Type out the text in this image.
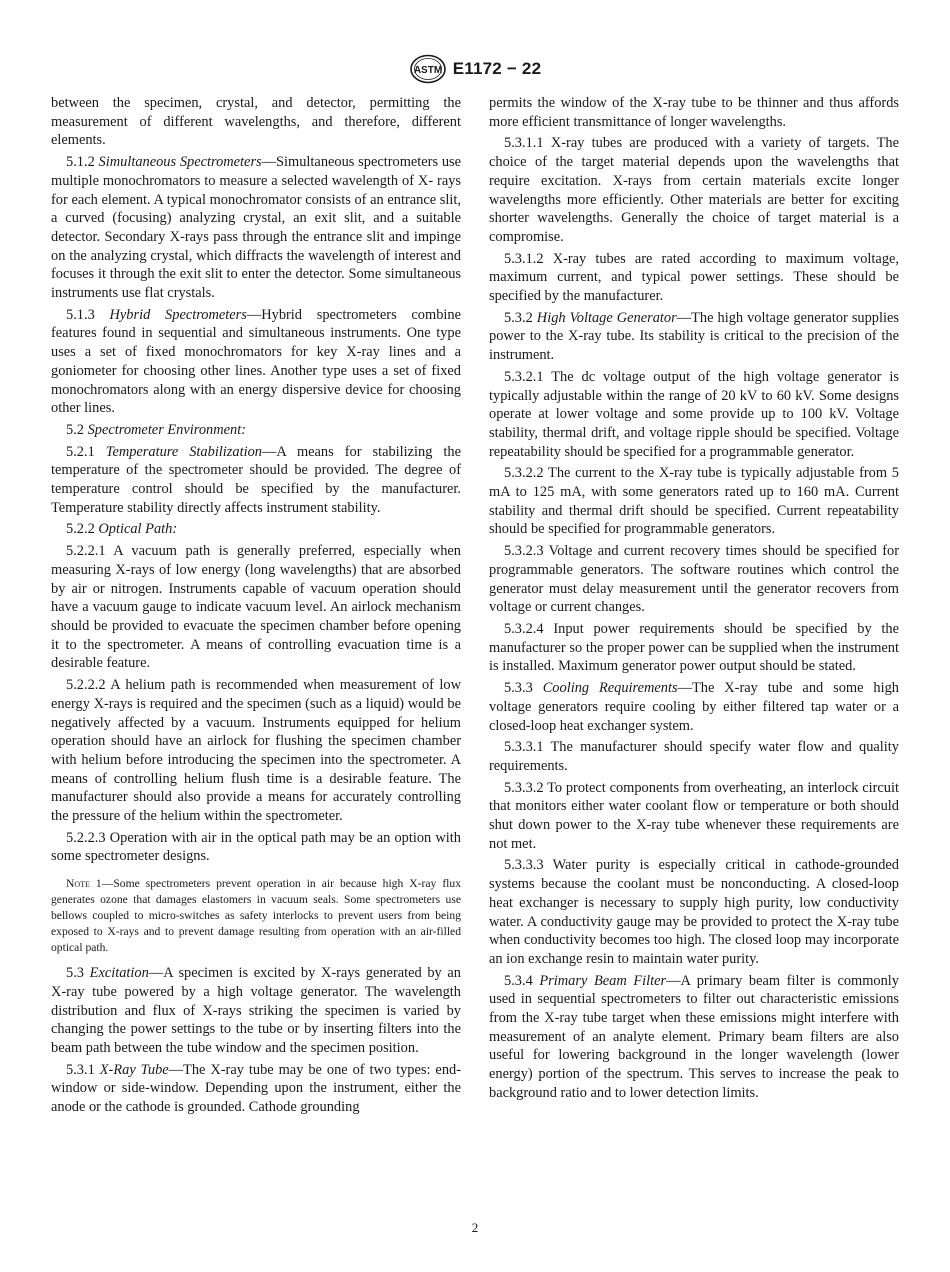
ASTM E1172 − 22

between the specimen, crystal, and detector, permitting the measurement of different wavelengths, and therefore, different elements.

5.1.2 Simultaneous Spectrometers—Simultaneous spectrometers use multiple monochromators to measure a selected wavelength of X- rays for each element. A typical monochromator consists of an entrance slit, a curved (focusing) analyzing crystal, an exit slit, and a suitable detector. Secondary X-rays pass through the entrance slit and impinge on the analyzing crystal, which diffracts the wavelength of interest and focuses it through the exit slit to enter the detector. Some simultaneous instruments use flat crystals.

5.1.3 Hybrid Spectrometers—Hybrid spectrometers combine features found in sequential and simultaneous instruments. One type uses a set of fixed monochromators for key X-ray lines and a goniometer for choosing other lines. Another type uses a set of fixed monochromators along with an energy dispersive device for choosing other lines.

5.2 Spectrometer Environment:

5.2.1 Temperature Stabilization—A means for stabilizing the temperature of the spectrometer should be provided. The degree of temperature control should be specified by the manufacturer. Temperature stability directly affects instrument stability.

5.2.2 Optical Path:

5.2.2.1 A vacuum path is generally preferred, especially when measuring X-rays of low energy (long wavelengths) that are absorbed by air or nitrogen. Instruments capable of vacuum operation should have a vacuum gauge to indicate vacuum level. An airlock mechanism should be provided to evacuate the specimen chamber before opening it to the spectrometer. A means of controlling evacuation time is a desirable feature.

5.2.2.2 A helium path is recommended when measurement of low energy X-rays is required and the specimen (such as a liquid) would be negatively affected by a vacuum. Instruments equipped for helium operation should have an airlock for flushing the specimen chamber with helium before introducing the specimen into the spectrometer. A means of controlling helium flush time is a desirable feature. The manufacturer should also provide a means for accurately controlling the pressure of the helium within the spectrometer.

5.2.2.3 Operation with air in the optical path may be an option with some spectrometer designs.

Note 1—Some spectrometers prevent operation in air because high X-ray flux generates ozone that damages elastomers in vacuum seals. Some spectrometers use bellows coupled to micro-switches as safety interlocks to prevent users from being exposed to X-rays and to prevent damage resulting from operation with an air-filled optical path.

5.3 Excitation—A specimen is excited by X-rays generated by an X-ray tube powered by a high voltage generator. The wavelength distribution and flux of X-rays striking the specimen is varied by changing the power settings to the tube or by inserting filters into the beam path between the tube window and the specimen position.

5.3.1 X-Ray Tube—The X-ray tube may be one of two types: end-window or side-window. Depending upon the instrument, either the anode or the cathode is grounded. Cathode grounding

permits the window of the X-ray tube to be thinner and thus affords more efficient transmittance of longer wavelengths.

5.3.1.1 X-ray tubes are produced with a variety of targets. The choice of the target material depends upon the wavelengths that require excitation. X-rays from certain materials excite longer wavelengths more efficiently. Other materials are better for exciting shorter wavelengths. Generally the choice of target material is a compromise.

5.3.1.2 X-ray tubes are rated according to maximum voltage, maximum current, and typical power settings. These should be specified by the manufacturer.

5.3.2 High Voltage Generator—The high voltage generator supplies power to the X-ray tube. Its stability is critical to the precision of the instrument.

5.3.2.1 The dc voltage output of the high voltage generator is typically adjustable within the range of 20 kV to 60 kV. Some designs operate at lower voltage and some provide up to 100 kV. Voltage stability, thermal drift, and voltage ripple should be specified. Voltage repeatability should be specified for a programmable generator.

5.3.2.2 The current to the X-ray tube is typically adjustable from 5 mA to 125 mA, with some generators rated up to 160 mA. Current stability and thermal drift should be specified. Current repeatability should be specified for programmable generators.

5.3.2.3 Voltage and current recovery times should be specified for programmable generators. The software routines which control the generator must delay measurement until the generator recovers from voltage or current changes.

5.3.2.4 Input power requirements should be specified by the manufacturer so the proper power can be supplied when the instrument is installed. Maximum generator power output should be stated.

5.3.3 Cooling Requirements—The X-ray tube and some high voltage generators require cooling by either filtered tap water or a closed-loop heat exchanger system.

5.3.3.1 The manufacturer should specify water flow and quality requirements.

5.3.3.2 To protect components from overheating, an interlock circuit that monitors either water coolant flow or temperature or both should shut down power to the X-ray tube whenever these requirements are not met.

5.3.3.3 Water purity is especially critical in cathode-grounded systems because the coolant must be nonconducting. A closed-loop heat exchanger is necessary to supply high purity, low conductivity water. A conductivity gauge may be provided to protect the X-ray tube when conductivity becomes too high. The closed loop may incorporate an ion exchange resin to maintain water purity.

5.3.4 Primary Beam Filter—A primary beam filter is commonly used in sequential spectrometers to filter out characteristic emissions from the X-ray tube target when these emissions might interfere with measurement of an analyte element. Primary beam filters are also useful for lowering background in the longer wavelength (lower energy) portion of the spectrum. This serves to increase the peak to background ratio and to lower detection limits.

2
